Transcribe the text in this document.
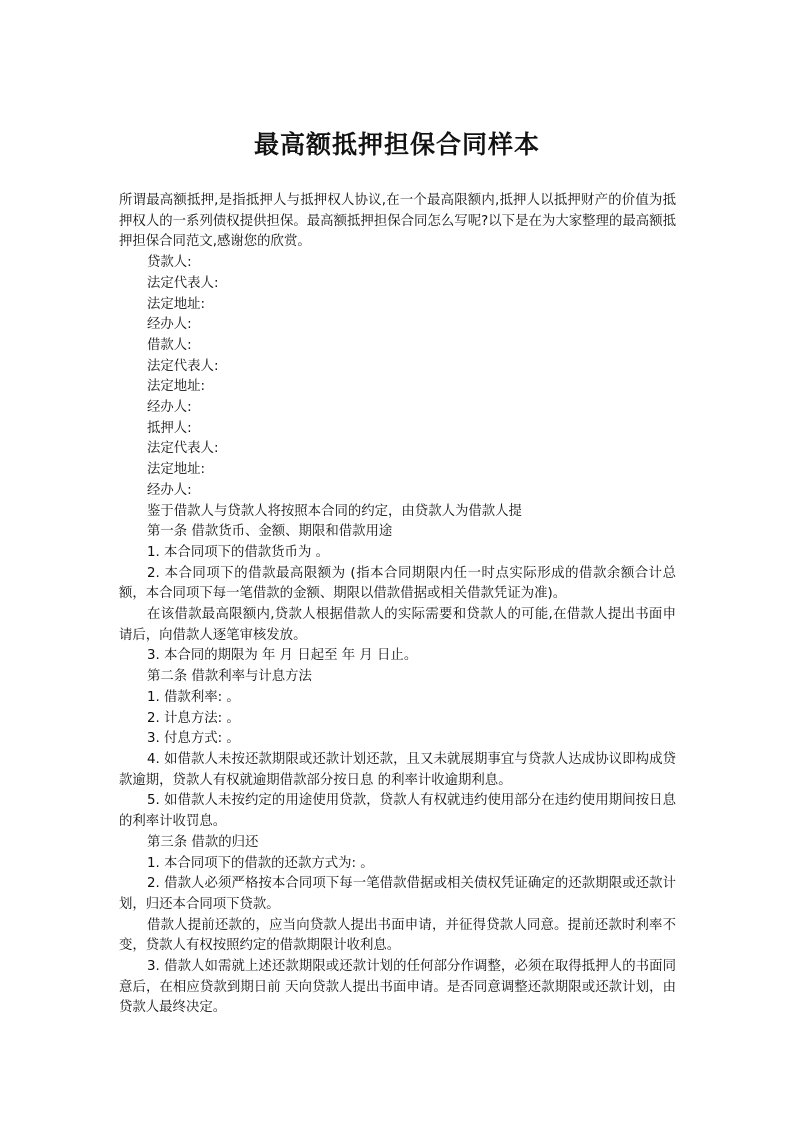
最高额抵押担保合同样本

所谓最高额抵押,是指抵押人与抵押权人协议,在一个最高限额内,抵押人以抵押财产的价值为抵押权人的一系列债权提供担保。最高额抵押担保合同怎么写呢?以下是在为大家整理的最高额抵押担保合同范文,感谢您的欣赏。

贷款人:

法定代表人:

法定地址:

经办人:

借款人:

法定代表人:

法定地址:

经办人:

抵押人:

法定代表人:

法定地址:

经办人:

鉴于借款人与贷款人将按照本合同的约定，由贷款人为借款人提

第一条 借款货币、金额、期限和借款用途

1. 本合同项下的借款货币为 。

2. 本合同项下的借款最高限额为 (指本合同期限内任一时点实际形成的借款余额合计总额，本合同项下每一笔借款的金额、期限以借款借据或相关借款凭证为准)。

在该借款最高限额内,贷款人根据借款人的实际需要和贷款人的可能,在借款人提出书面申请后，向借款人逐笔审核发放。

3. 本合同的期限为 年 月 日起至 年 月 日止。

第二条 借款利率与计息方法

1. 借款利率: 。

2. 计息方法: 。

3. 付息方式: 。

4. 如借款人未按还款期限或还款计划还款，且又未就展期事宜与贷款人达成协议即构成贷款逾期，贷款人有权就逾期借款部分按日息 的利率计收逾期利息。

5. 如借款人未按约定的用途使用贷款，贷款人有权就违约使用部分在违约使用期间按日息 的利率计收罚息。

第三条 借款的归还

1. 本合同项下的借款的还款方式为: 。

2. 借款人必须严格按本合同项下每一笔借款借据或相关债权凭证确定的还款期限或还款计划，归还本合同项下贷款。

借款人提前还款的，应当向贷款人提出书面申请，并征得贷款人同意。提前还款时利率不变，贷款人有权按照约定的借款期限计收利息。

3. 借款人如需就上述还款期限或还款计划的任何部分作调整，必须在取得抵押人的书面同意后，在相应贷款到期日前 天向贷款人提出书面申请。是否同意调整还款期限或还款计划，由贷款人最终决定。
